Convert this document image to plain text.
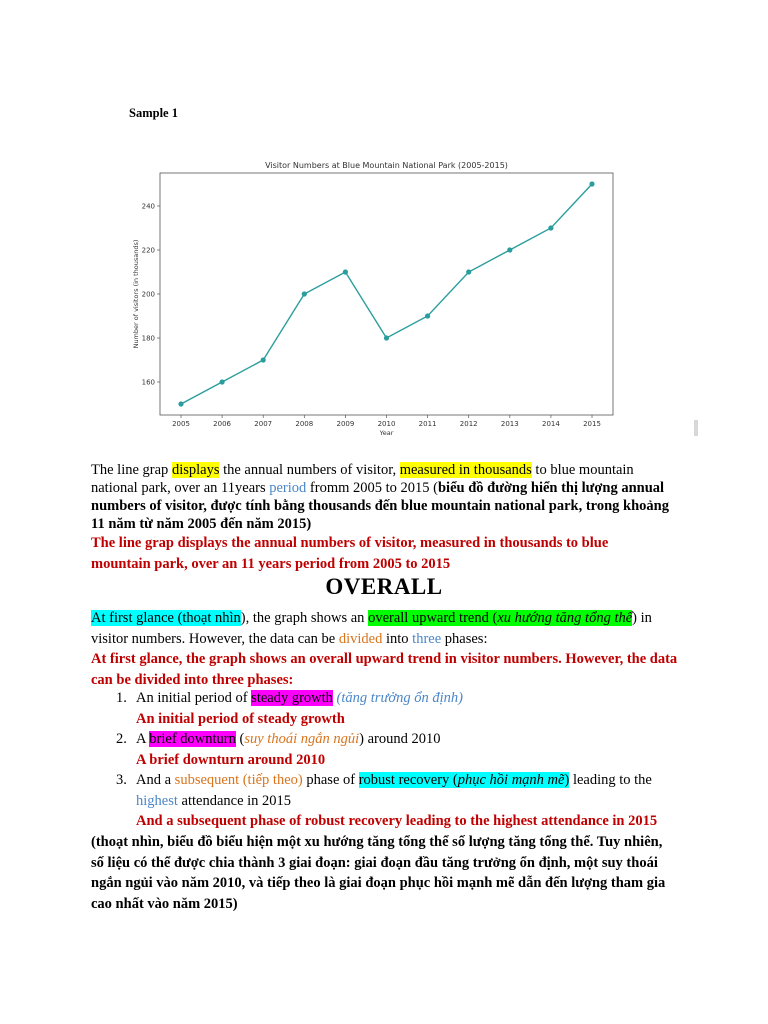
Sample 1
Visitor Numbers at Blue Mountain National Park (2005-2015)
160
180
200
220
240
2005	2006	2007	2008	2009	2010	2011	2012	2013	2014	2015
Year
Number of visitors (in thousands)

The line grap displays the annual numbers of visitor, measured in thousands to blue mountain national park, over an 11years period fromm 2005 to 2015 (biểu đồ đường hiển thị lượng annual numbers of visitor, được tính bằng thousands đến blue mountain national park, trong khoảng 11 năm từ năm 2005 đến năm 2015)

The line grap displays the annual numbers of visitor, measured in thousands to blue mountain park, over an 11 years period from 2005 to 2015

OVERALL

At first glance (thoạt nhìn), the graph shows an overall upward trend (xu hướng tăng tổng thể) in visitor numbers. However, the data can be divided into three phases:

At first glance, the graph shows an overall upward trend in visitor numbers. However, the data can be divided into three phases:

1. An initial period of steady growth (tăng trưởng ổn định)
An initial period of steady growth
2. A brief downturn (suy thoái ngắn ngủi) around 2010
A brief downturn around 2010
3. And a subsequent (tiếp theo) phase of robust recovery (phục hồi mạnh mẽ) leading to the
highest attendance in 2015
And a subsequent phase of robust recovery leading to the highest attendance in 2015

(thoạt nhìn, biểu đồ biểu hiện một xu hướng tăng tổng thể số lượng tăng tổng thể. Tuy nhiên, số liệu có thể được chia thành 3 giai đoạn: giai đoạn đầu tăng trưởng ổn định, một suy thoái ngắn ngủi vào năm 2010, và tiếp theo là giai đoạn phục hồi mạnh mẽ dẫn đến lượng tham gia cao nhất vào năm 2015)
